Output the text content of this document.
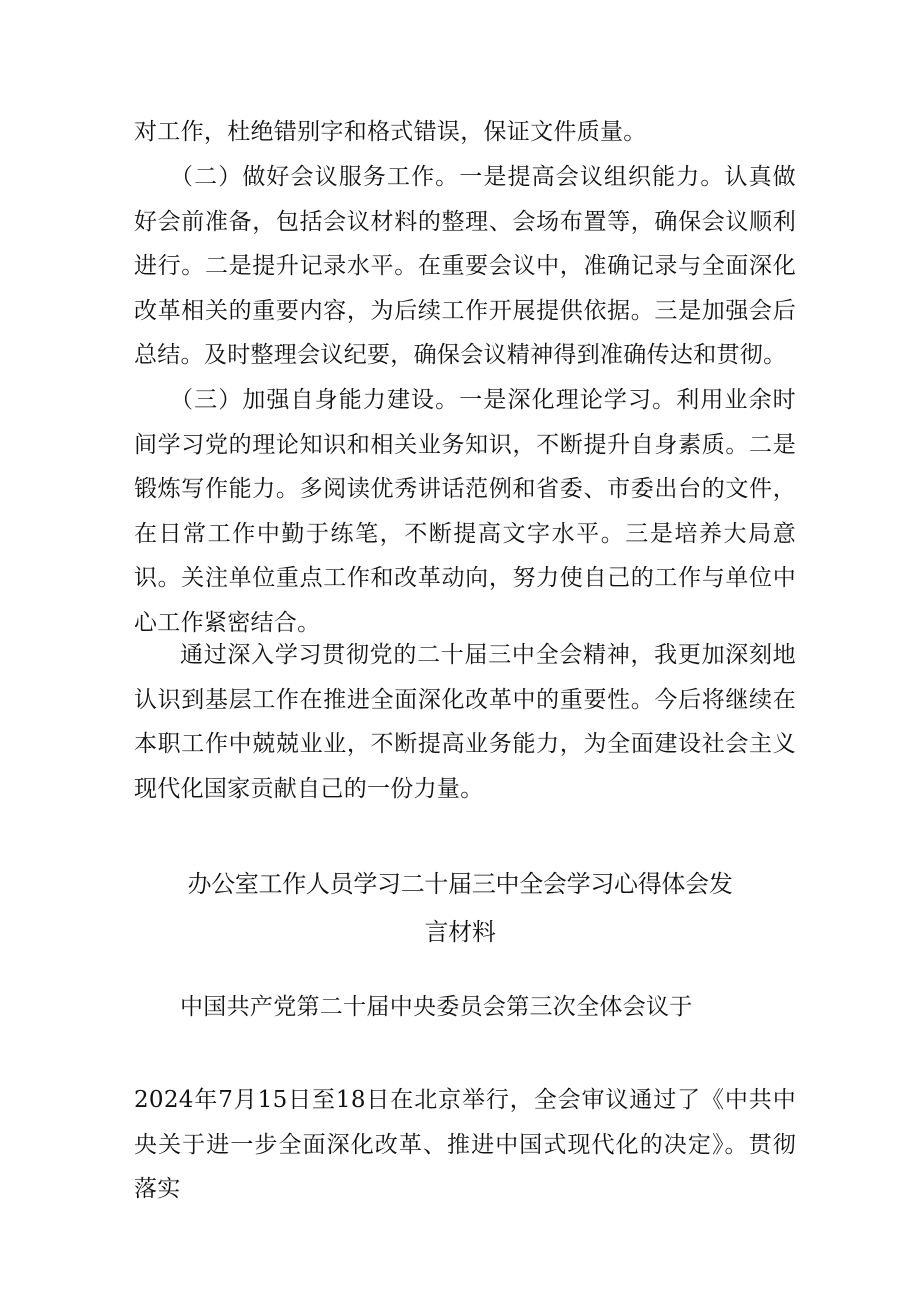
对工作，杜绝错别字和格式错误，保证文件质量。

（二）做好会议服务工作。一是提高会议组织能力。认真做好会前准备，包括会议材料的整理、会场布置等，确保会议顺利进行。二是提升记录水平。在重要会议中，准确记录与全面深化改革相关的重要内容，为后续工作开展提供依据。三是加强会后总结。及时整理会议纪要，确保会议精神得到准确传达和贯彻。

（三）加强自身能力建设。一是深化理论学习。利用业余时间学习党的理论知识和相关业务知识，不断提升自身素质。二是锻炼写作能力。多阅读优秀讲话范例和省委、市委出台的文件，在日常工作中勤于练笔，不断提高文字水平。三是培养大局意识。关注单位重点工作和改革动向，努力使自己的工作与单位中心工作紧密结合。

通过深入学习贯彻党的二十届三中全会精神，我更加深刻地认识到基层工作在推进全面深化改革中的重要性。今后将继续在本职工作中兢兢业业，不断提高业务能力，为全面建设社会主义现代化国家贡献自己的一份力量。

办公室工作人员学习二十届三中全会学习心得体会发
言材料

中国共产党第二十届中央委员会第三次全体会议于

2024年7月15日至18日在北京举行，全会审议通过了《中共中央关于进一步全面深化改革、推进中国式现代化的决定》。贯彻落实
